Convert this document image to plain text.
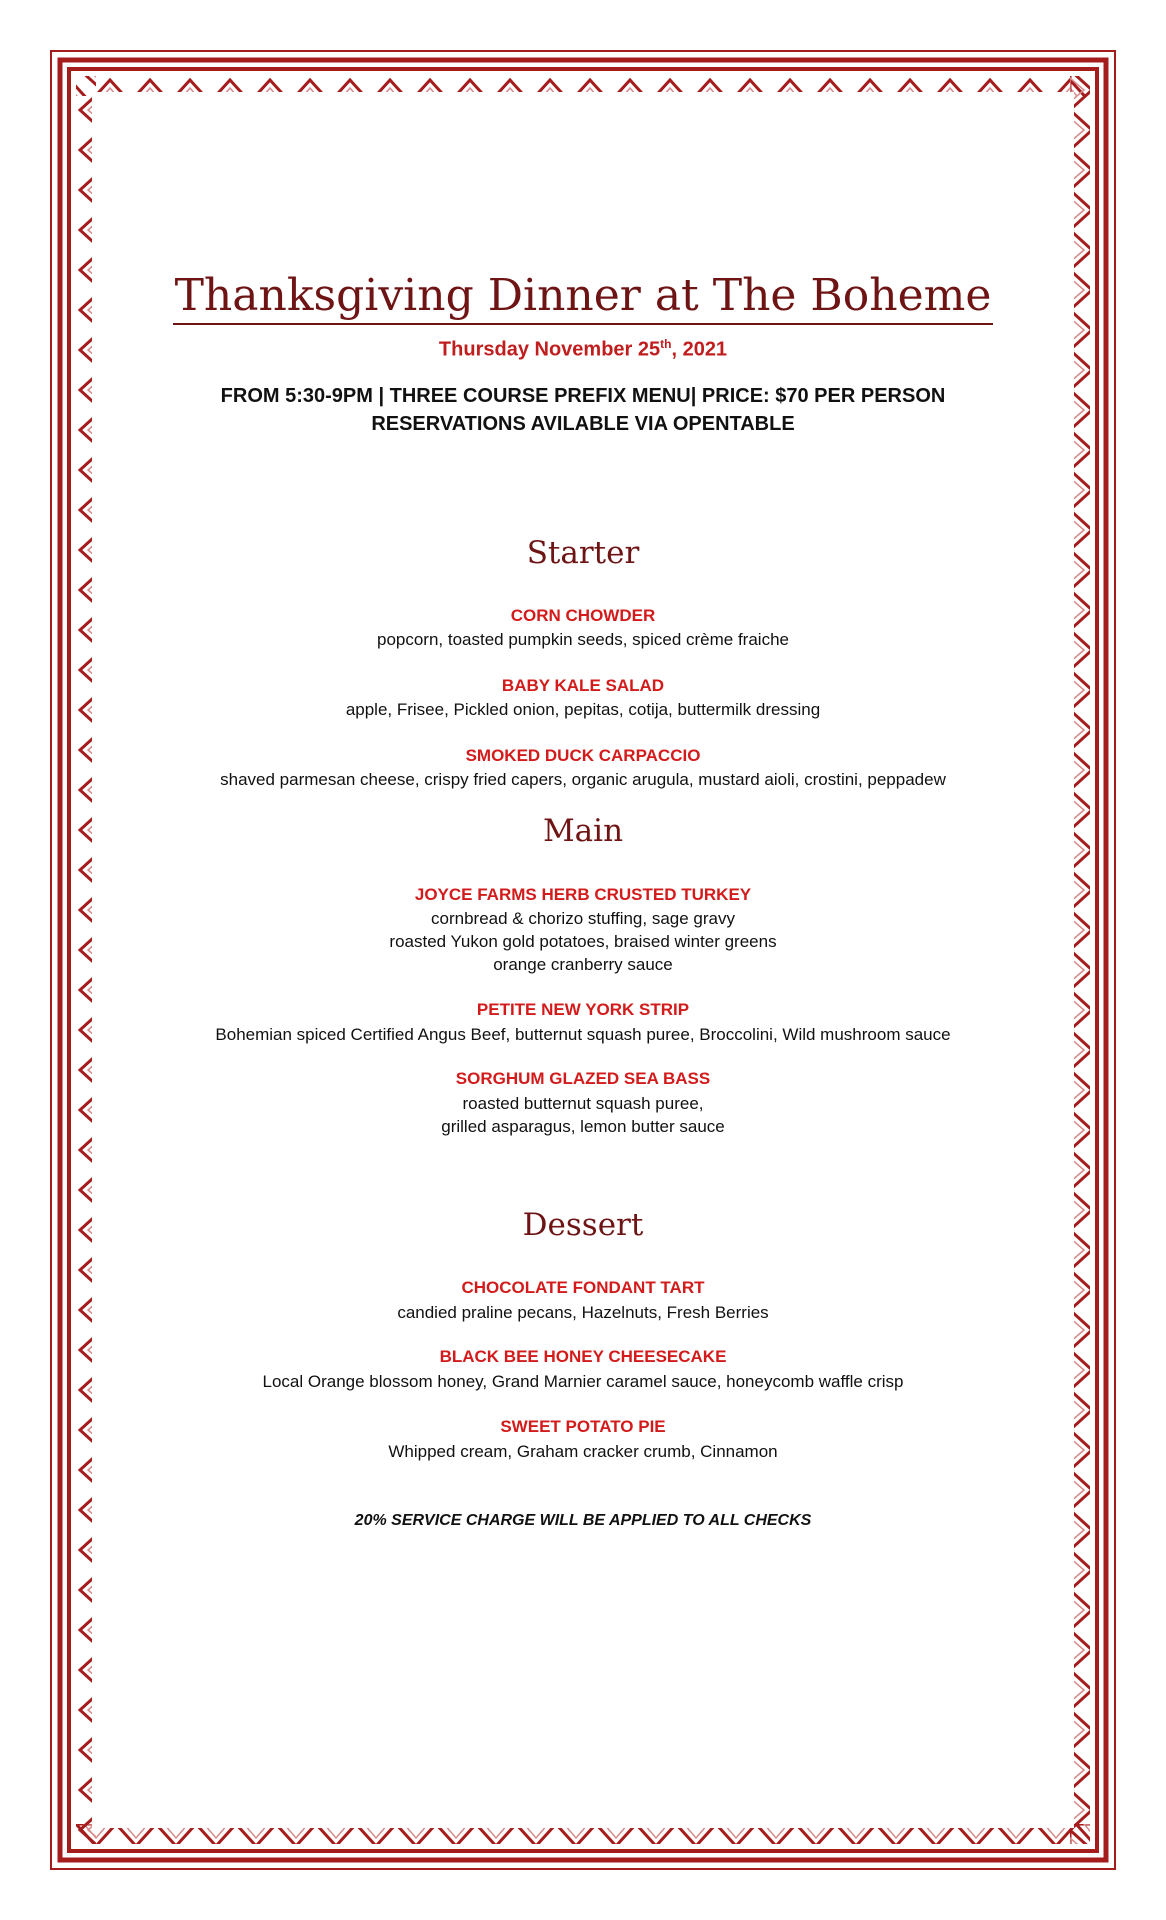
Thanksgiving Dinner at The Boheme
Thursday November 25th, 2021
FROM 5:30-9PM | THREE COURSE PREFIX MENU| PRICE: $70 PER PERSON
RESERVATIONS AVILABLE VIA OPENTABLE
Starter
CORN CHOWDER
popcorn, toasted pumpkin seeds, spiced crème fraiche
BABY KALE SALAD
apple, Frisee, Pickled onion, pepitas, cotija, buttermilk dressing
SMOKED DUCK CARPACCIO
shaved parmesan cheese, crispy fried capers, organic arugula, mustard aioli, crostini, peppadew
Main
JOYCE FARMS HERB CRUSTED TURKEY
cornbread & chorizo stuffing, sage gravy
roasted Yukon gold potatoes, braised winter greens
orange cranberry sauce
PETITE NEW YORK STRIP
Bohemian spiced Certified Angus Beef, butternut squash puree, Broccolini, Wild mushroom sauce
SORGHUM GLAZED SEA BASS
roasted butternut squash puree,
grilled asparagus, lemon butter sauce
Dessert
CHOCOLATE FONDANT TART
candied praline pecans, Hazelnuts, Fresh Berries
BLACK BEE HONEY CHEESECAKE
Local Orange blossom honey, Grand Marnier caramel sauce, honeycomb waffle crisp
SWEET POTATO PIE
Whipped cream, Graham cracker crumb, Cinnamon
20% SERVICE CHARGE WILL BE APPLIED TO ALL CHECKS
